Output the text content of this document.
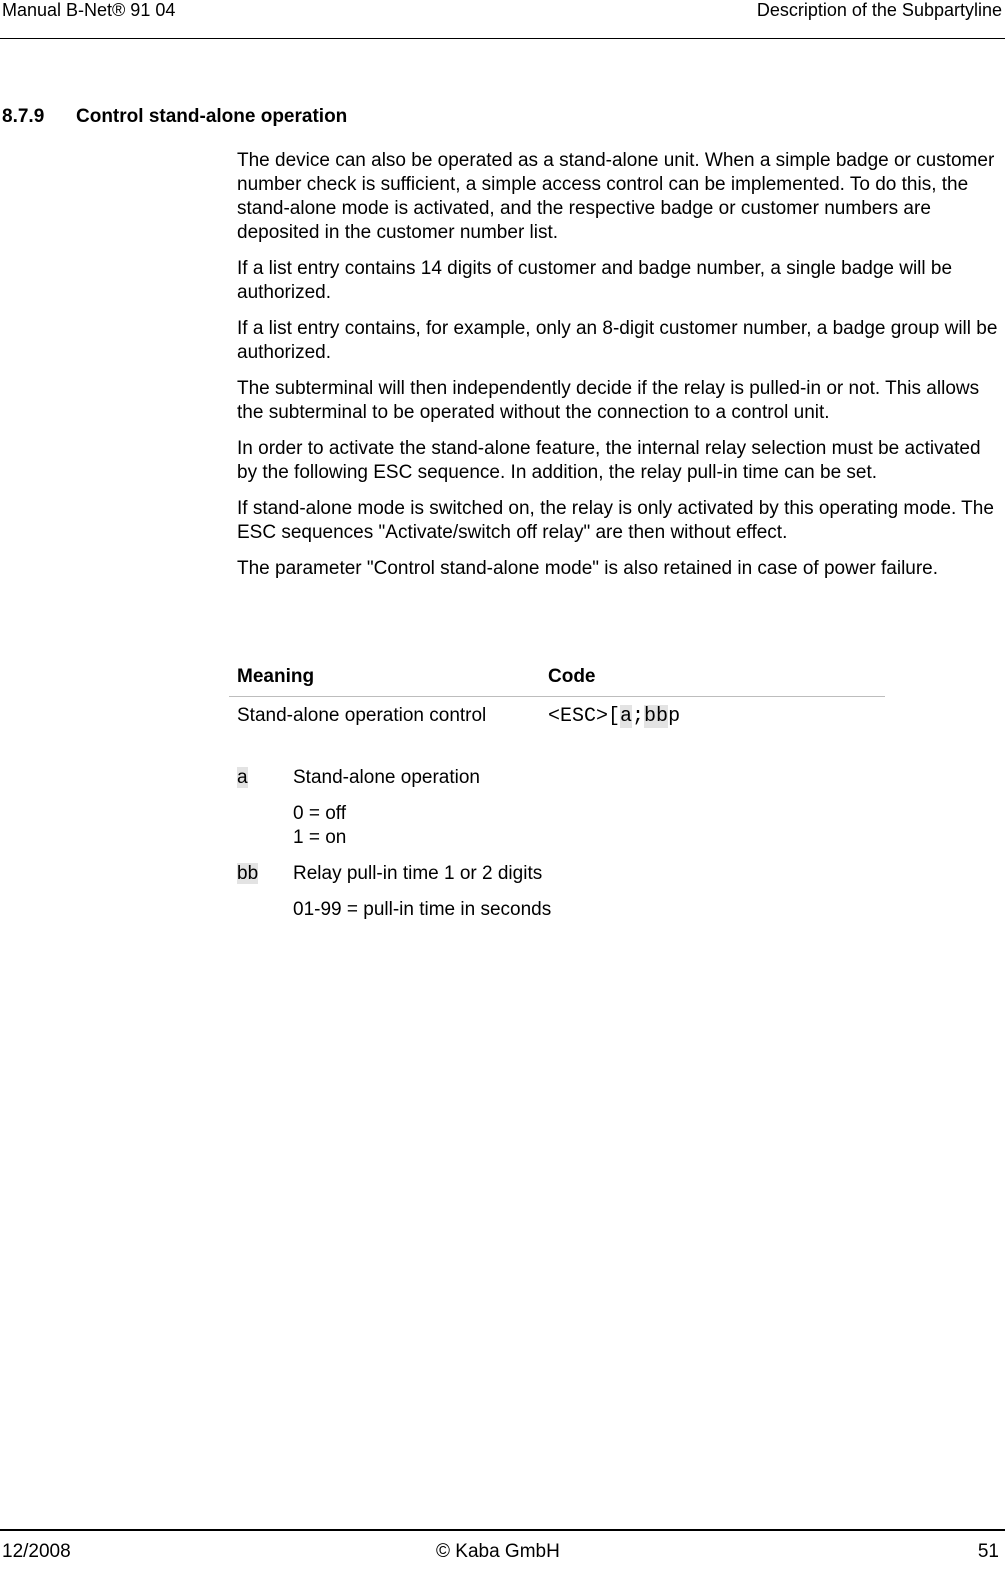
Manual B-Net® 91 04	Description of the Subpartyline
8.7.9 Control stand-alone operation

The device can also be operated as a stand-alone unit. When a simple badge or customer number check is sufficient, a simple access control can be implemented. To do this, the stand-alone mode is activated, and the respective badge or customer numbers are deposited in the customer number list.

If a list entry contains 14 digits of customer and badge number, a single badge will be authorized.

If a list entry contains, for example, only an 8-digit customer number, a badge group will be authorized.

The subterminal will then independently decide if the relay is pulled-in or not. This allows the subterminal to be operated without the connection to a control unit.

In order to activate the stand-alone feature, the internal relay selection must be activated by the following ESC sequence. In addition, the relay pull-in time can be set.

If stand-alone mode is switched on, the relay is only activated by this operating mode. The ESC sequences "Activate/switch off relay" are then without effect.

The parameter "Control stand-alone mode" is also retained in case of power failure.

Meaning	Code
Stand-alone operation control	<ESC>[a;bbp
a Stand-alone operation
0 = off
1 = on
bb Relay pull-in time 1 or 2 digits
01-99 = pull-in time in seconds
12/2008	© Kaba GmbH	51
